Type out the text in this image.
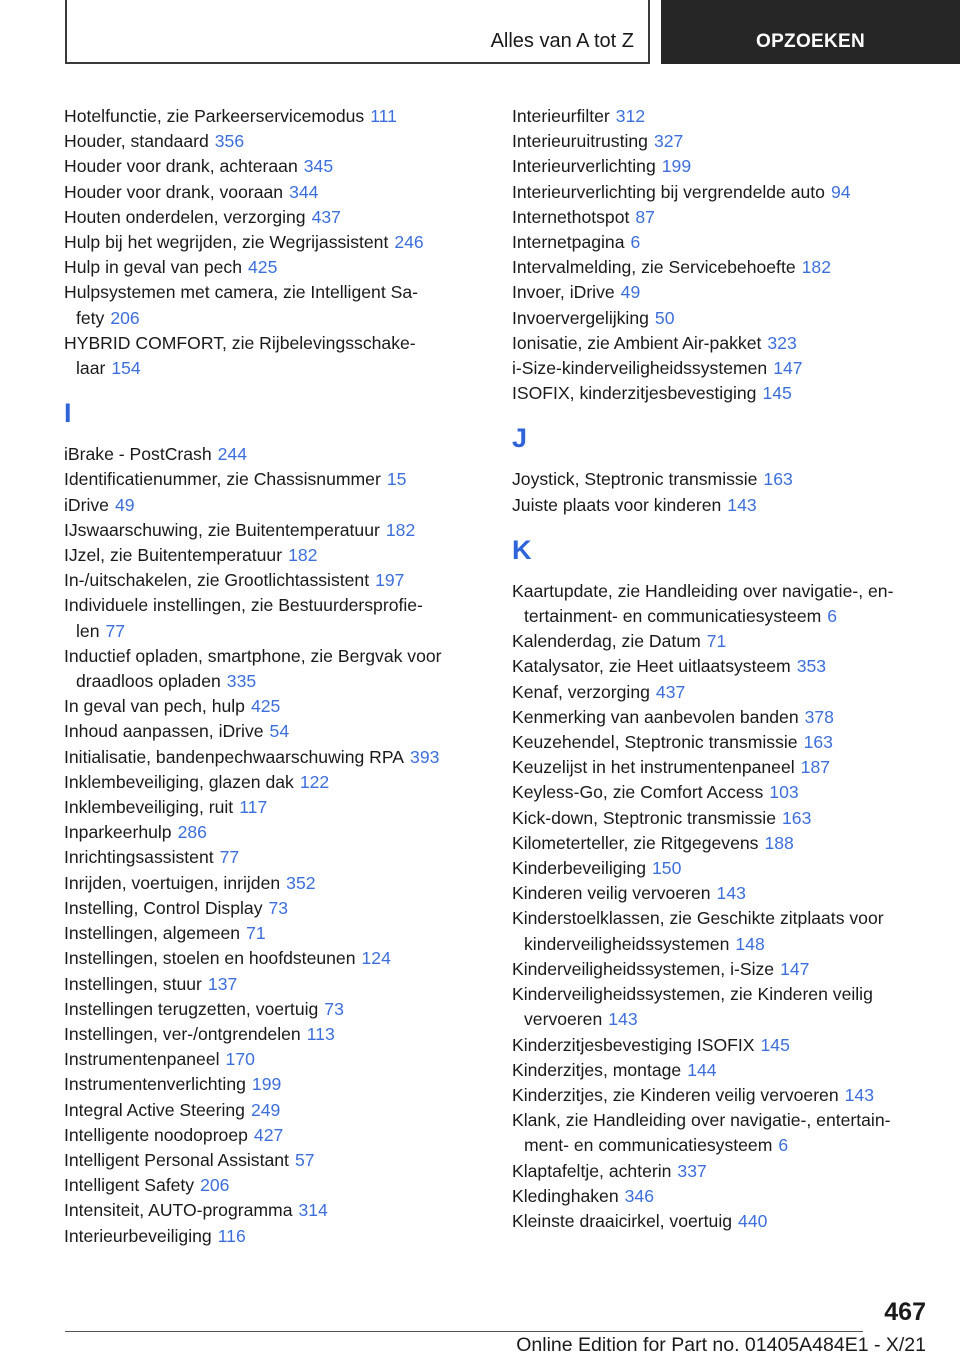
Alles van A tot Z	OPZOEKEN
Hotelfunctie, zie Parkeerservicemodus 111
Houder, standaard 356
Houder voor drank, achteraan 345
Houder voor drank, vooraan 344
Houten onderdelen, verzorging 437
Hulp bij het wegrijden, zie Wegrijassistent 246
Hulp in geval van pech 425
Hulpsystemen met camera, zie Intelligent Sa-
fety 206
HYBRID COMFORT, zie Rijbelevingsschake-
laar 154
I
iBrake - PostCrash 244
Identificatienummer, zie Chassisnummer 15
iDrive 49
IJswaarschuwing, zie Buitentemperatuur 182
IJzel, zie Buitentemperatuur 182
In-/uitschakelen, zie Grootlichtassistent 197
Individuele instellingen, zie Bestuurdersprofie-
len 77
Inductief opladen, smartphone, zie Bergvak voor
draadloos opladen 335
In geval van pech, hulp 425
Inhoud aanpassen, iDrive 54
Initialisatie, bandenpechwaarschuwing RPA 393
Inklembeveiliging, glazen dak 122
Inklembeveiliging, ruit 117
Inparkeerhulp 286
Inrichtingsassistent 77
Inrijden, voertuigen, inrijden 352
Instelling, Control Display 73
Instellingen, algemeen 71
Instellingen, stoelen en hoofdsteunen 124
Instellingen, stuur 137
Instellingen terugzetten, voertuig 73
Instellingen, ver-/ontgrendelen 113
Instrumentenpaneel 170
Instrumentenverlichting 199
Integral Active Steering 249
Intelligente noodoproep 427
Intelligent Personal Assistant 57
Intelligent Safety 206
Intensiteit, AUTO-programma 314
Interieurbeveiliging 116
Interieurfilter 312
Interieuruitrusting 327
Interieurverlichting 199
Interieurverlichting bij vergrendelde auto 94
Internethotspot 87
Internetpagina 6
Intervalmelding, zie Servicebehoefte 182
Invoer, iDrive 49
Invoervergelijking 50
Ionisatie, zie Ambient Air-pakket 323
i-Size-kinderveiligheidssystemen 147
ISOFIX, kinderzitjesbevestiging 145
J
Joystick, Steptronic transmissie 163
Juiste plaats voor kinderen 143
K
Kaartupdate, zie Handleiding over navigatie-, en-
tertainment- en communicatiesysteem 6
Kalenderdag, zie Datum 71
Katalysator, zie Heet uitlaatsysteem 353
Kenaf, verzorging 437
Kenmerking van aanbevolen banden 378
Keuzehendel, Steptronic transmissie 163
Keuzelijst in het instrumentenpaneel 187
Keyless-Go, zie Comfort Access 103
Kick-down, Steptronic transmissie 163
Kilometerteller, zie Ritgegevens 188
Kinderbeveiliging 150
Kinderen veilig vervoeren 143
Kinderstoelklassen, zie Geschikte zitplaats voor
kinderveiligheidssystemen 148
Kinderveiligheidssystemen, i-Size 147
Kinderveiligheidssystemen, zie Kinderen veilig
vervoeren 143
Kinderzitjesbevestiging ISOFIX 145
Kinderzitjes, montage 144
Kinderzitjes, zie Kinderen veilig vervoeren 143
Klank, zie Handleiding over navigatie-, entertain-
ment- en communicatiesysteem 6
Klaptafeltje, achterin 337
Kledinghaken 346
Kleinste draaicirkel, voertuig 440
467
Online Edition for Part no. 01405A484E1 - X/21
